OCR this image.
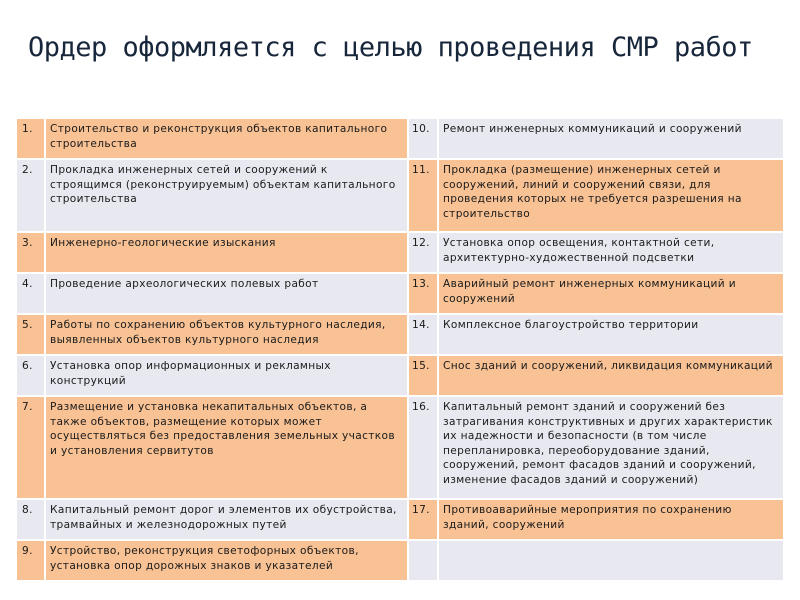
Ордер оформляется с целью проведения СМР работ
1.	Строительство и реконструкция объектов капитального строительства	10.	Ремонт инженерных коммуникаций и сооружений
2.	Прокладка инженерных сетей и сооружений к строящимся (реконструируемым) объектам капитального строительства	11.	Прокладка (размещение) инженерных сетей и сооружений, линий и сооружений связи, для проведения которых не требуется разрешения на строительство
3.	Инженерно-геологические изыскания	12.	Установка опор освещения, контактной сети, архитектурно-художественной подсветки
4.	Проведение археологических полевых работ	13.	Аварийный ремонт инженерных коммуникаций и сооружений
5.	Работы по сохранению объектов культурного наследия, выявленных объектов культурного наследия	14.	Комплексное благоустройство территории
6.	Установка опор информационных и рекламных конструкций	15.	Снос зданий и сооружений, ликвидация коммуникаций
7.	Размещение и установка некапитальных объектов, а также объектов, размещение которых может осуществляться без предоставления земельных участков и установления сервитутов	16.	Капитальный ремонт зданий и сооружений без затрагивания конструктивных и других характеристик их надежности и безопасности (в том числе перепланировка, переоборудование зданий, сооружений, ремонт фасадов зданий и сооружений, изменение фасадов зданий и сооружений)
8.	Капитальный ремонт дорог и элементов их обустройства, трамвайных и железнодорожных путей	17.	Противоаварийные мероприятия по сохранению зданий, сооружений
9.	Устройство, реконструкция светофорных объектов, установка опор дорожных знаков и указателей		
